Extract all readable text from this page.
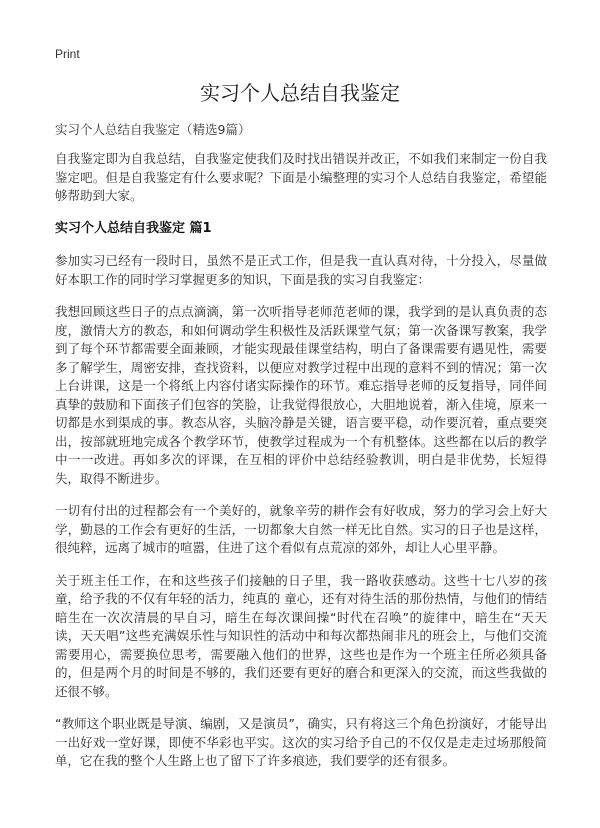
Print
实习个人总结自我鉴定
实习个人总结自我鉴定（精选9篇）

自我鉴定即为自我总结，自我鉴定使我们及时找出错误并改正，不如我们来制定一份自我鉴定吧。但是自我鉴定有什么要求呢？下面是小编整理的实习个人总结自我鉴定，希望能够帮助到大家。

实习个人总结自我鉴定 篇1

参加实习已经有一段时日，虽然不是正式工作，但是我一直认真对待，十分投入，尽量做好本职工作的同时学习掌握更多的知识，下面是我的实习自我鉴定：

我想回顾这些日子的点点滴滴，第一次听指导老师范老师的课，我学到的是认真负责的态度，激情大方的教态，和如何调动学生积极性及活跃课堂气氛；第一次备课写教案，我学到了每个环节都需要全面兼顾，才能实现最佳课堂结构，明白了备课需要有遇见性，需要多了解学生，周密安排，查找资料，以便应对教学过程中出现的意料不到的情况；第一次上台讲课，这是一个将纸上内容付诸实际操作的环节。难忘指导老师的反复指导，同伴间真挚的鼓励和下面孩子们包容的笑脸，让我觉得很放心，大胆地说着，渐入佳境，原来一切都是水到渠成的事。教态从容，头脑冷静是关键，语言要平稳，动作要沉着，重点要突出，按部就班地完成各个教学环节，使教学过程成为一个有机整体。这些都在以后的教学中一一改进。再如多次的评课，在互相的评价中总结经验教训，明白是非优势，长短得失，取得不断进步。

一切有付出的过程都会有一个美好的，就象辛劳的耕作会有好收成，努力的学习会上好大学，勤恳的工作会有更好的生活，一切都象大自然一样无比自然。实习的日子也是这样，很纯粹，远离了城市的喧嚣，住进了这个看似有点荒凉的郊外，却让人心里平静。

关于班主任工作，在和这些孩子们接触的日子里，我一路收获感动。这些十七八岁的孩童，给予我的不仅有年轻的活力，纯真的 童心，还有对待生活的那份热情，与他们的情结暗生在一次次清晨的早自习，暗生在每次课间操“时代在召唤”的旋律中，暗生在“天天读，天天唱”这些充满娱乐性与知识性的活动中和每次都热闹非凡的班会上，与他们交流需要用心，需要换位思考，需要融入他们的世界，这些也是作为一个班主任所必须具备的，但是两个月的时间是不够的，我们还要有更好的磨合和更深入的交流，而这些我做的还很不够。

“教师这个职业既是导演、编剧，又是演员”，确实，只有将这三个角色扮演好，才能导出一出好戏一堂好课，即使不华彩也平实。这次的实习给予自己的不仅仅是走走过场那般简单，它在我的整个人生路上也了留下了许多痕迹，我们要学的还有很多。
